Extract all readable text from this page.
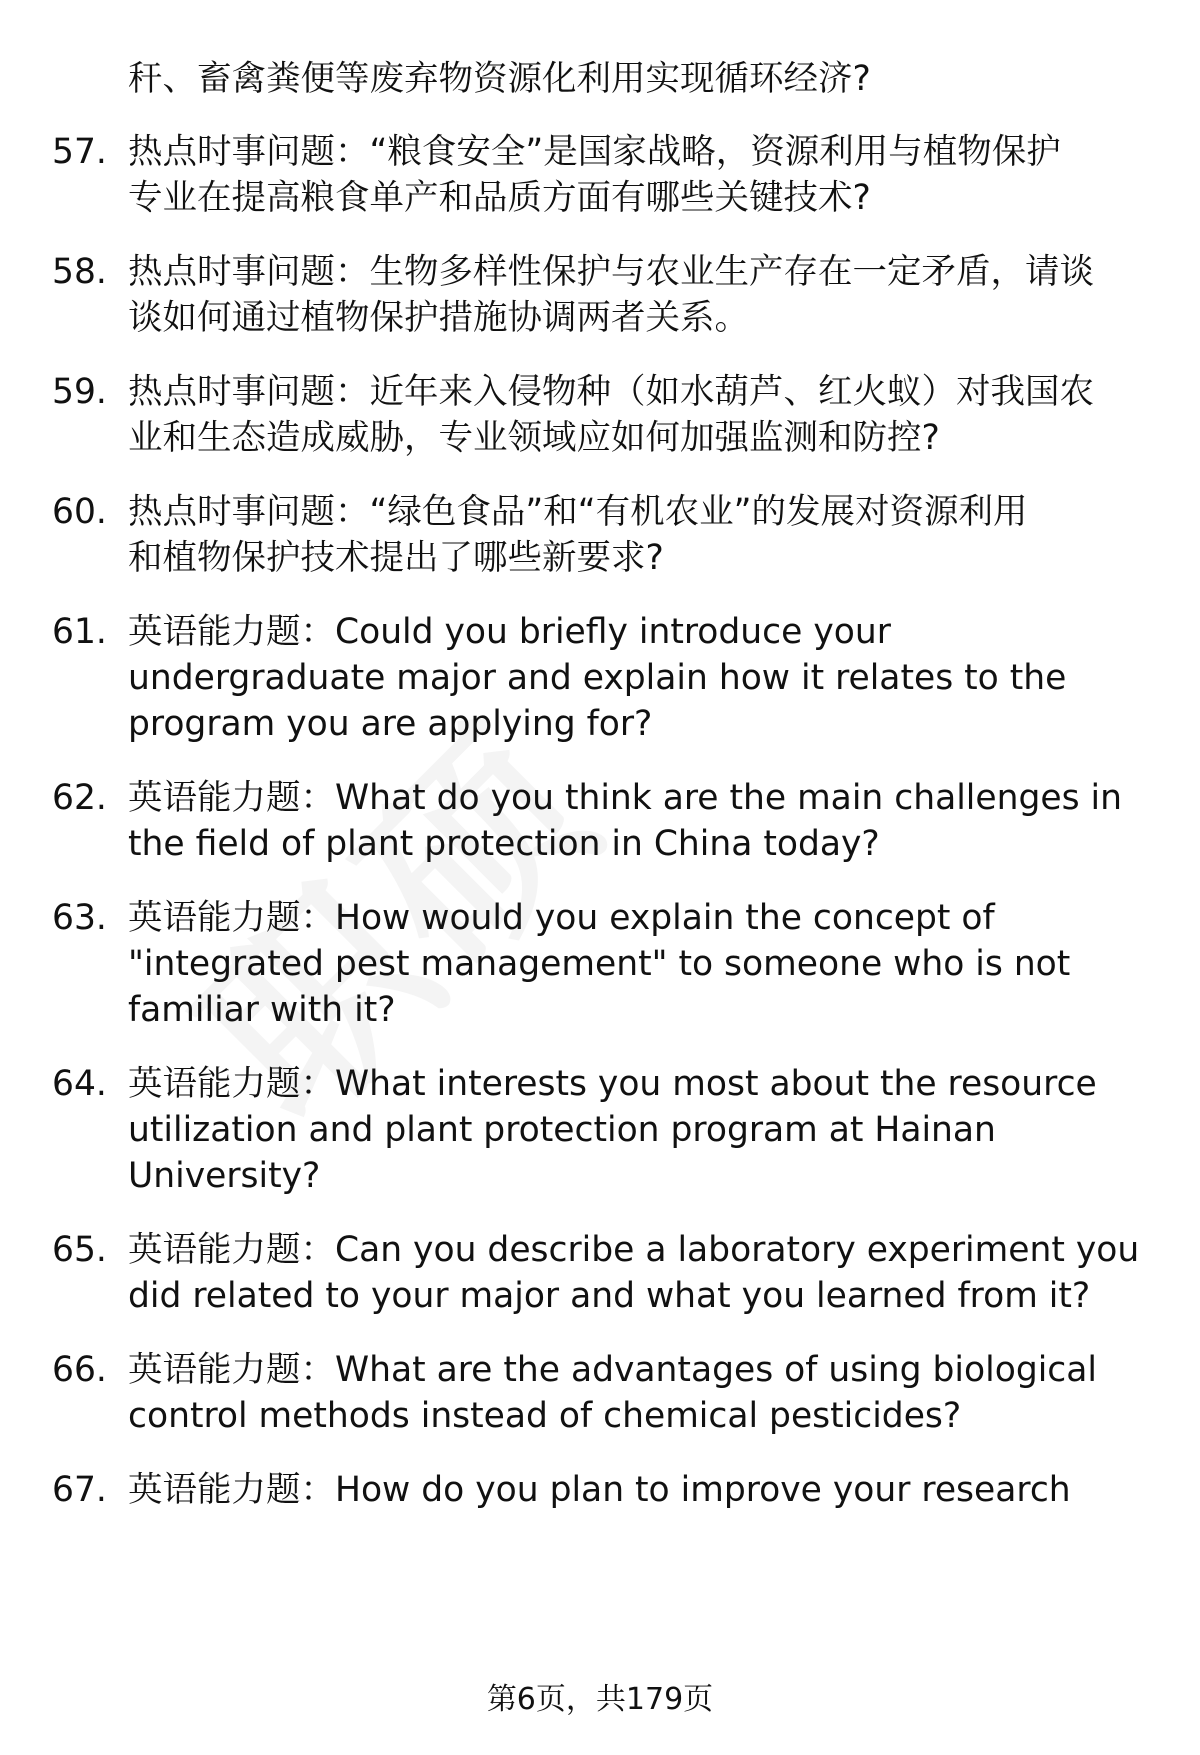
秆、畜禽粪便等废弃物资源化利用实现循环经济?
57. 热点时事问题：“粮食安全”是国家战略，资源利用与植物保护
专业在提高粮食单产和品质方面有哪些关键技术?
58. 热点时事问题：生物多样性保护与农业生产存在一定矛盾，请谈
谈如何通过植物保护措施协调两者关系。
59. 热点时事问题：近年来入侵物种（如水葫芦、红火蚁）对我国农
业和生态造成威胁，专业领域应如何加强监测和防控?
60. 热点时事问题：“绿色食品”和“有机农业”的发展对资源利用
和植物保护技术提出了哪些新要求?
61. 英语能力题：Could you briefly introduce your
undergraduate major and explain how it relates to the
program you are applying for?
62. 英语能力题：What do you think are the main challenges in
the field of plant protection in China today?
63. 英语能力题：How would you explain the concept of
"integrated pest management" to someone who is not
familiar with it?
64. 英语能力题：What interests you most about the resource
utilization and plant protection program at Hainan
University?
65. 英语能力题：Can you describe a laboratory experiment you
did related to your major and what you learned from it?
66. 英语能力题：What are the advantages of using biological
control methods instead of chemical pesticides?
67. 英语能力题：How do you plan to improve your research
第6页，共179页
